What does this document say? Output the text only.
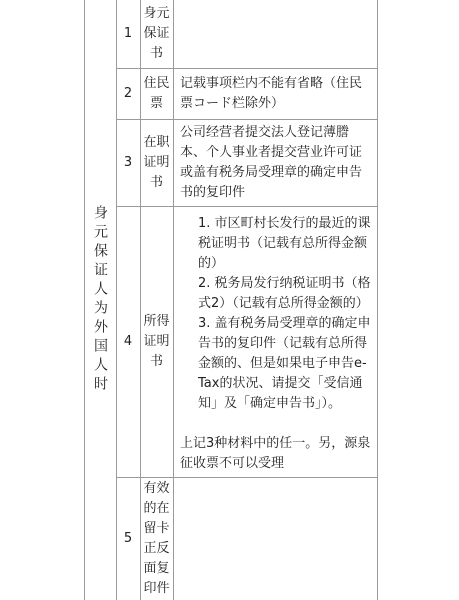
身元保证人为外国人时
1
身元
保证
书
2
住民
票
记载事项栏内不能有省略（住民票コード栏除外）
3
在职
证明
书
公司经营者提交法人登记薄謄本、个人事业者提交营业许可证或盖有税务局受理章的确定申告书的复印件
4
所得
证明
书
1. 市区町村长发行的最近的课税证明书（记载有总所得金额的）
2. 税务局发行纳税证明书（格式2）（记载有总所得金额的）
3. 盖有税务局受理章的确定申告书的复印件（记载有总所得金额的、但是如果电子申告e-Tax的状况、请提交「受信通知」及「确定申告书」）。
上记3种材料中的任一。另，源泉征收票不可以受理
5
有效
的在
留卡
正反
面复
印件
